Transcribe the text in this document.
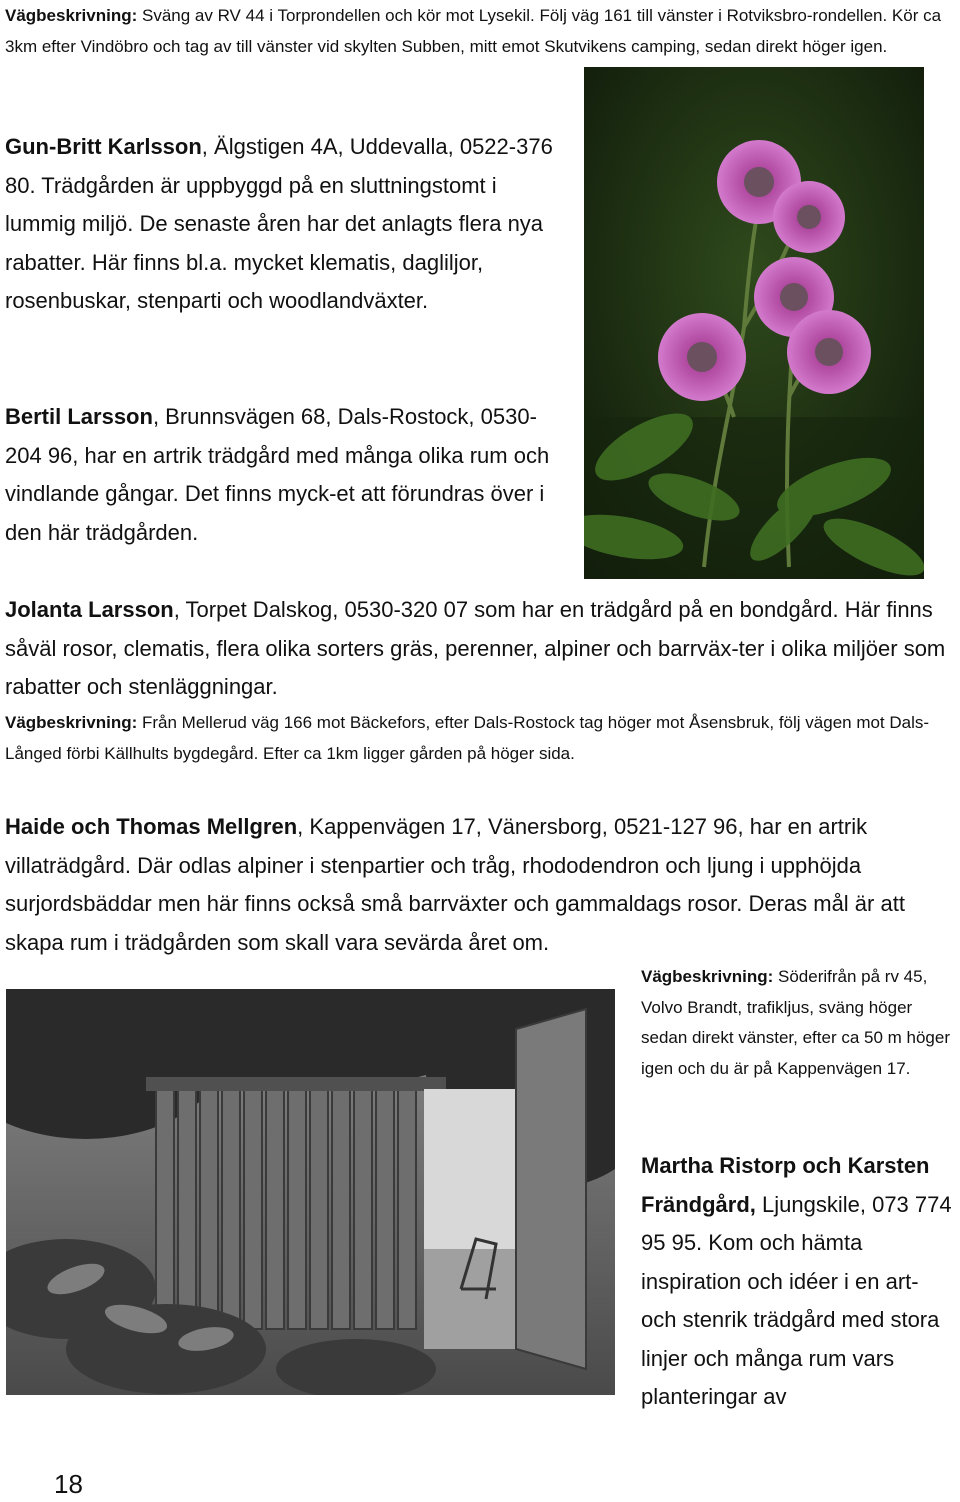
Vägbeskrivning: Sväng av RV 44 i Torprondellen och kör mot Lysekil. Följ väg 161 till vänster i Rotviksbro-rondellen. Kör ca 3km efter Vindöbro och tag av till vänster vid skylten Subben, mitt emot Skutvikens camping, sedan direkt höger igen.
Gun-Britt Karlsson, Älgstigen 4A, Uddevalla, 0522-376 80. Trädgården är uppbyggd på en sluttningstomt i lummig miljö. De senaste åren har det anlagts flera nya rabatter. Här finns bl.a. mycket klematis, dagliljor, rosenbuskar, stenparti och woodlandväxter.
Bertil Larsson, Brunnsvägen 68, Dals-Rostock, 0530-204 96, har en artrik trädgård med många olika rum och vindlande gångar. Det finns myck-et att förundras över i den här trädgården.
Jolanta Larsson, Torpet Dalskog, 0530-320 07 som har en trädgård på en bondgård. Här finns såväl rosor, clematis, flera olika sorters gräs, perenner, alpiner och barrväx-ter i olika miljöer som rabatter och stenläggningar.
Vägbeskrivning: Från Mellerud väg 166 mot Bäckefors, efter Dals-Rostock tag höger mot Åsensbruk, följ vägen mot Dals-Långed förbi Källhults bygdegård. Efter ca 1km ligger gården på höger sida.
Haide och Thomas Mellgren, Kappenvägen 17, Vänersborg, 0521-127 96, har en artrik villaträdgård. Där odlas alpiner i stenpartier och tråg, rhododendron och ljung i upphöjda surjordsbäddar men här finns också små barrväxter och gammaldags rosor. Deras mål är att skapa rum i trädgården som skall vara sevärda året om.
Vägbeskrivning: Söderifrån på rv 45, Volvo Brandt, trafikljus, sväng höger sedan direkt vänster, efter ca 50 m höger igen och du är på Kappenvägen 17.
Martha Ristorp och Karsten Frändgård, Ljungskile, 073 774 95 95. Kom och hämta inspiration och idéer i en art- och stenrik trädgård med stora linjer och många rum vars planteringar av
18
